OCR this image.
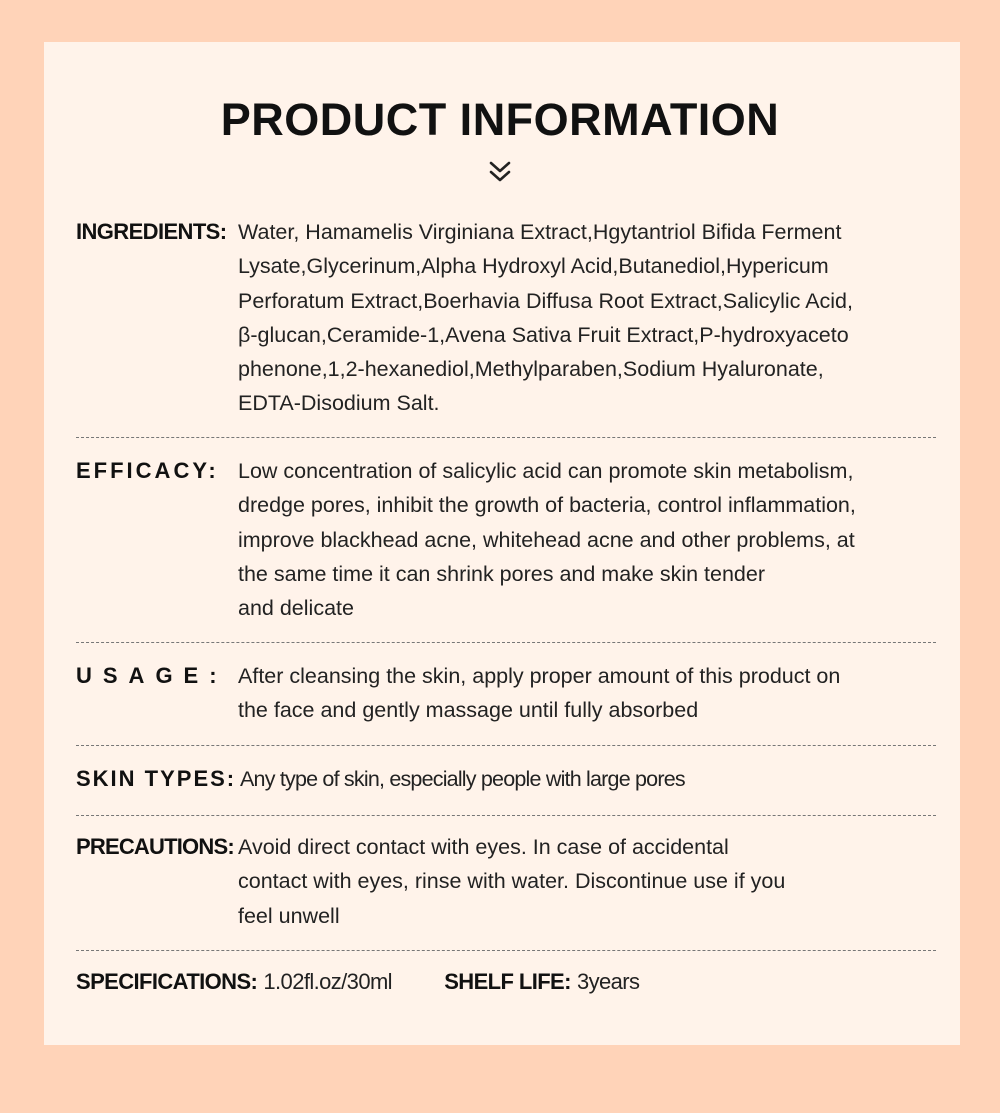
PRODUCT INFORMATION
INGREDIENTS: Water, Hamamelis Virginiana Extract,Hgytantriol Bifida Ferment
Lysate,Glycerinum,Alpha Hydroxyl Acid,Butanediol,Hypericum
Perforatum Extract,Boerhavia Diffusa Root Extract,Salicylic Acid,
β-glucan,Ceramide-1,Avena Sativa Fruit Extract,P-hydroxyaceto
phenone,1,2-hexanediol,Methylparaben,Sodium Hyaluronate,
EDTA-Disodium Salt.
EFFICACY: Low concentration of salicylic acid can promote skin metabolism,
dredge pores, inhibit the growth of bacteria, control inflammation,
improve blackhead acne, whitehead acne and other problems, at
the same time it can shrink pores and make skin tender
and delicate
USAGE: After cleansing the skin, apply proper amount of this product on
the face and gently massage until fully absorbed
SKIN TYPES: Any type of skin, especially people with large pores
PRECAUTIONS: Avoid direct contact with eyes. In case of accidental
contact with eyes, rinse with water. Discontinue use if you
feel unwell
SPECIFICATIONS: 1.02fl.oz/30ml SHELF LIFE: 3years
